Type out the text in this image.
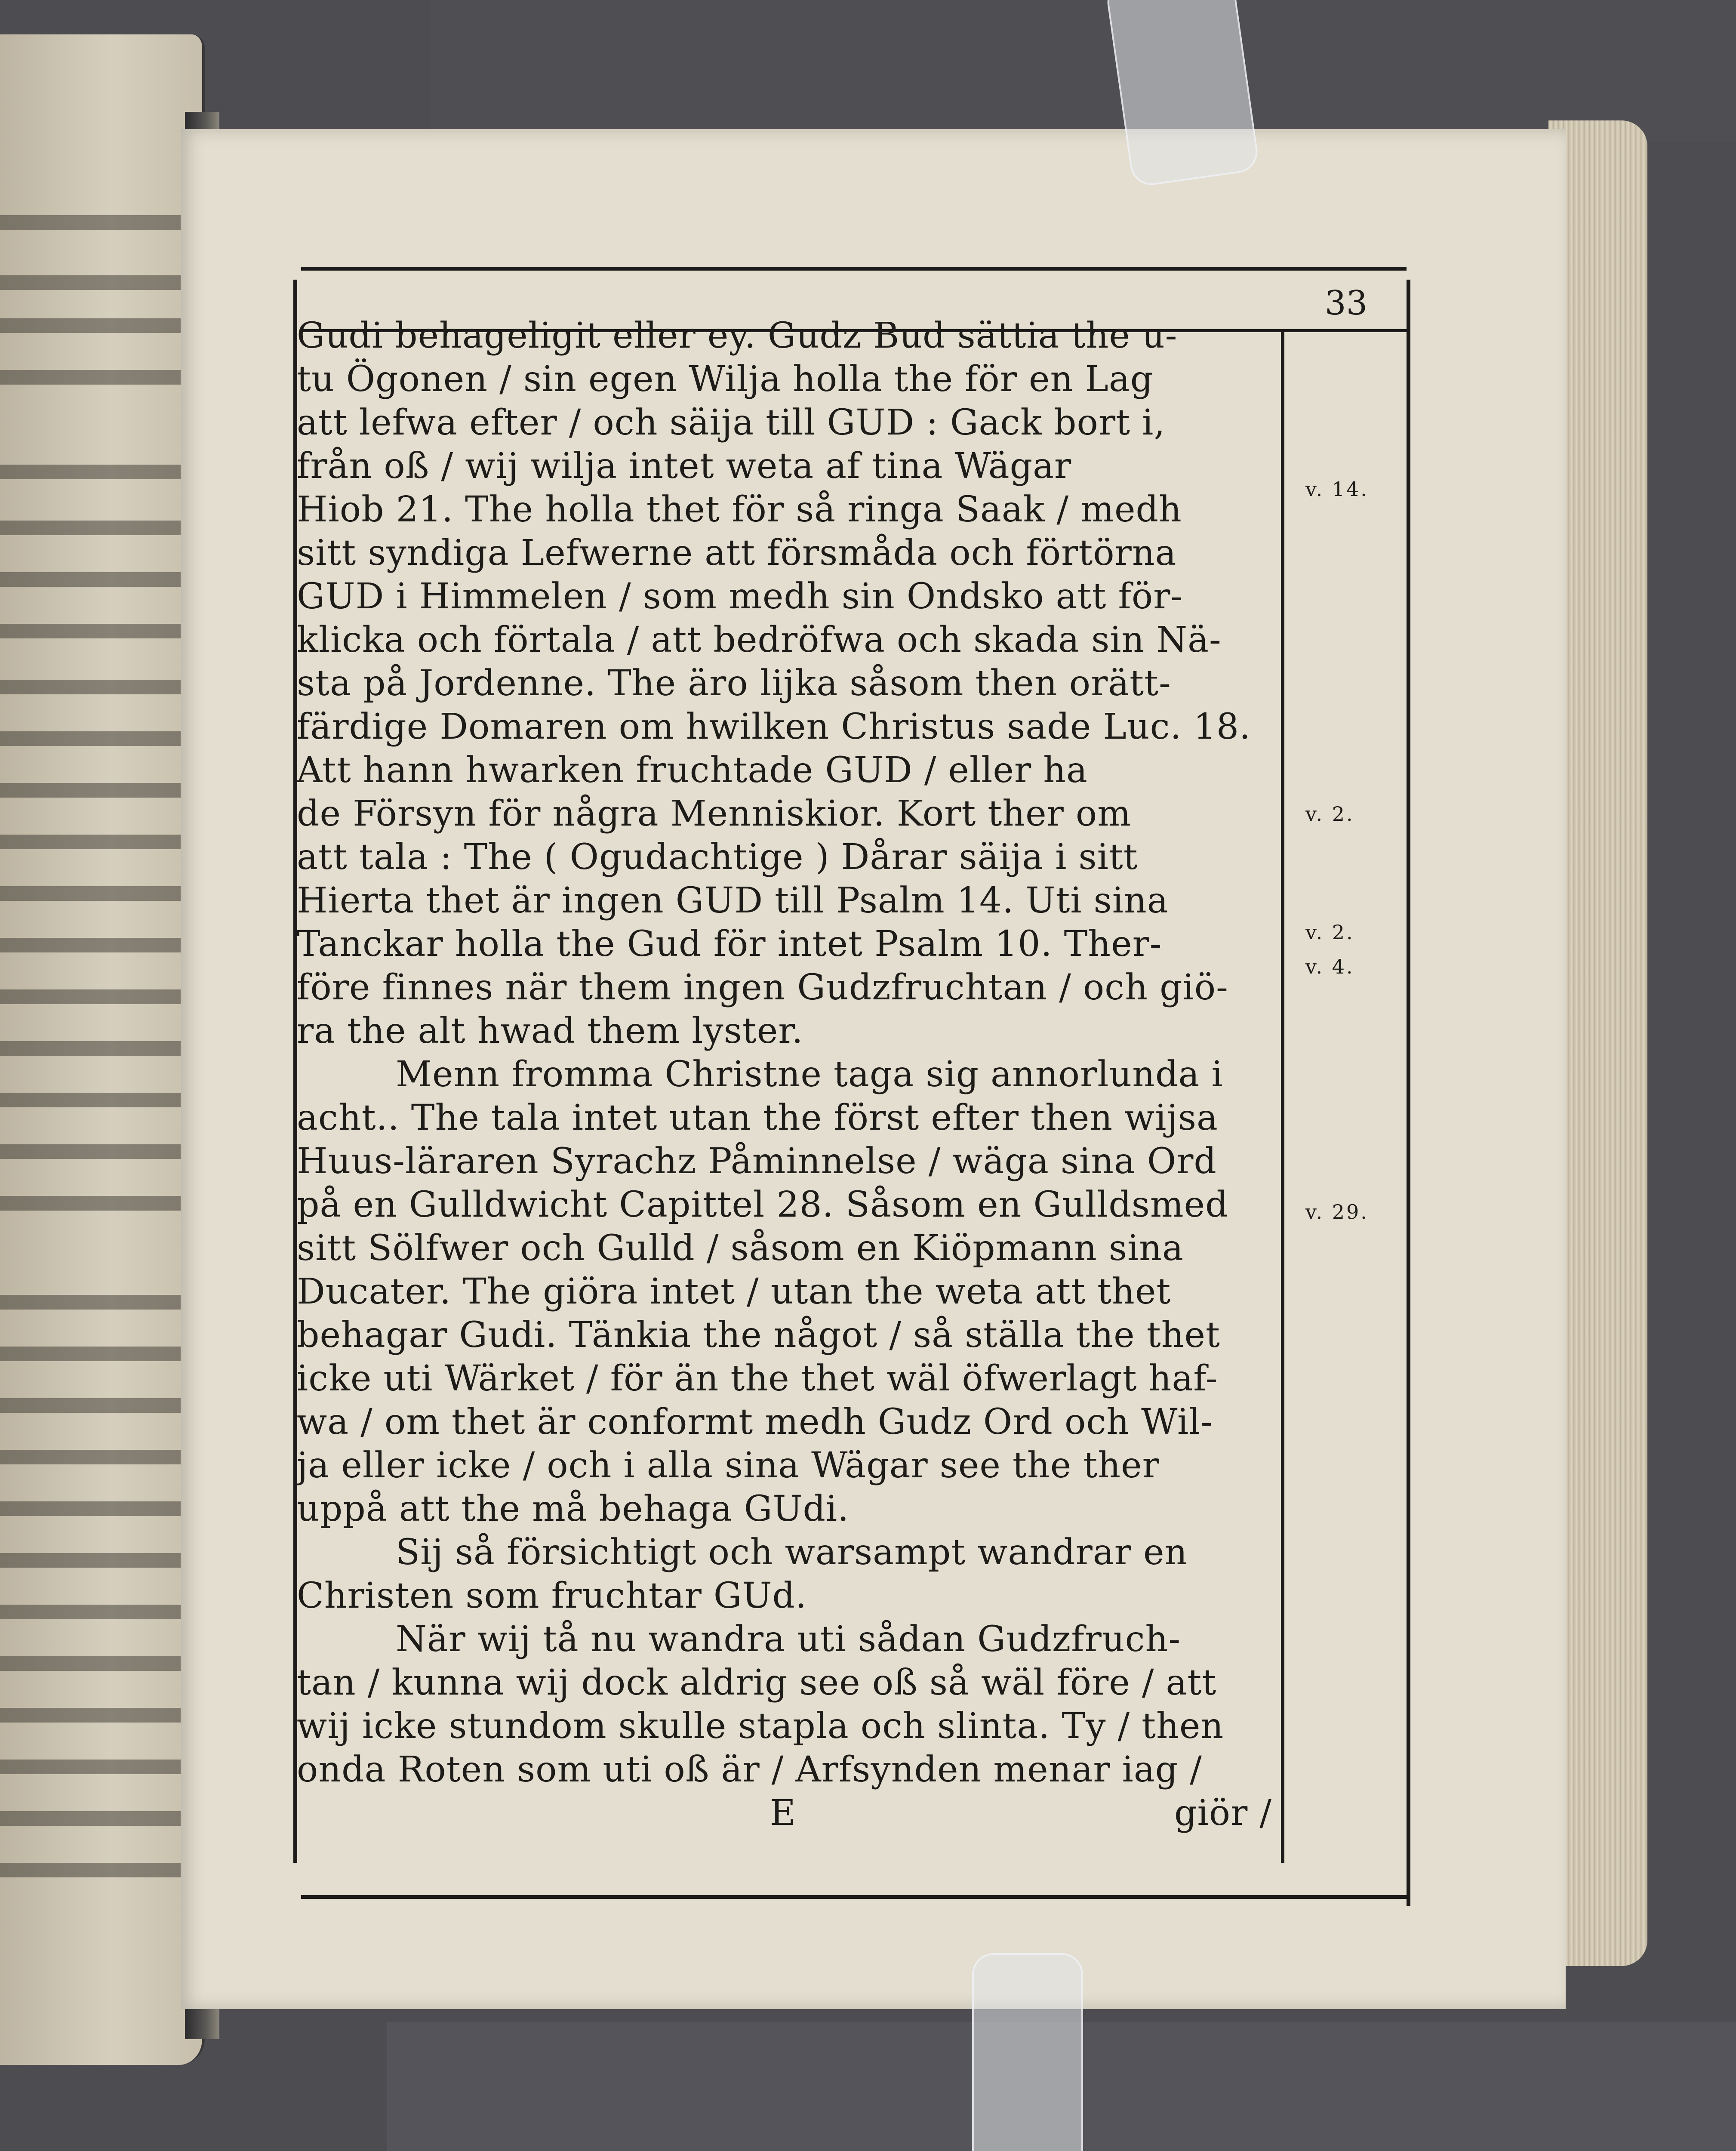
33
Gudi behageligit eller ey. Gudz Bud sättia the u-
tu Ögonen / sin egen Wilja holla the för en Lag
att lefwa efter / och säija till GUD : Gack bort i,
från oß / wij wilja intet weta af tina Wägar
Hiob 21. The holla thet för så ringa Saak / medh
sitt syndiga Lefwerne att försmåda och förtörna
GUD i Himmelen / som medh sin Ondsko att för-
klicka och förtala / att bedröfwa och skada sin Nä-
sta på Jordenne. The äro lijka såsom then orätt-
färdige Domaren om hwilken Christus sade Luc. 18.
Att hann hwarken fruchtade GUD / eller ha
de Försyn för några Menniskior. Kort ther om
att tala : The ( Ogudachtige ) Dårar säija i sitt
Hierta thet är ingen GUD till Psalm 14. Uti sina
Tanckar holla the Gud för intet Psalm 10. Ther-
före finnes när them ingen Gudzfruchtan / och giö-
ra the alt hwad them lyster.
Menn fromma Christne taga sig annorlunda i
acht.. The tala intet utan the först efter then wijsa
Huus-läraren Syrachz Påminnelse / wäga sina Ord
på en Gulldwicht Capittel 28. Såsom en Gulldsmed
sitt Sölfwer och Gulld / såsom en Kiöpmann sina
Ducater. The giöra intet / utan the weta att thet
behagar Gudi. Tänkia the något / så ställa the thet
icke uti Wärket / för än the thet wäl öfwerlagt haf-
wa / om thet är conformt medh Gudz Ord och Wil-
ja eller icke / och i alla sina Wägar see the ther
uppå att the må behaga GUdi.
Sij så försichtigt och warsampt wandrar en
Christen som fruchtar GUd.
När wij tå nu wandra uti sådan Gudzfruch-
tan / kunna wij dock aldrig see oß så wäl före / att
wij icke stundom skulle stapla och slinta. Ty / then
onda Roten som uti oß är / Arfsynden menar iag /
E	giör /
v. 14.
v. 2.
v. 2.
v. 4.
v. 29.
